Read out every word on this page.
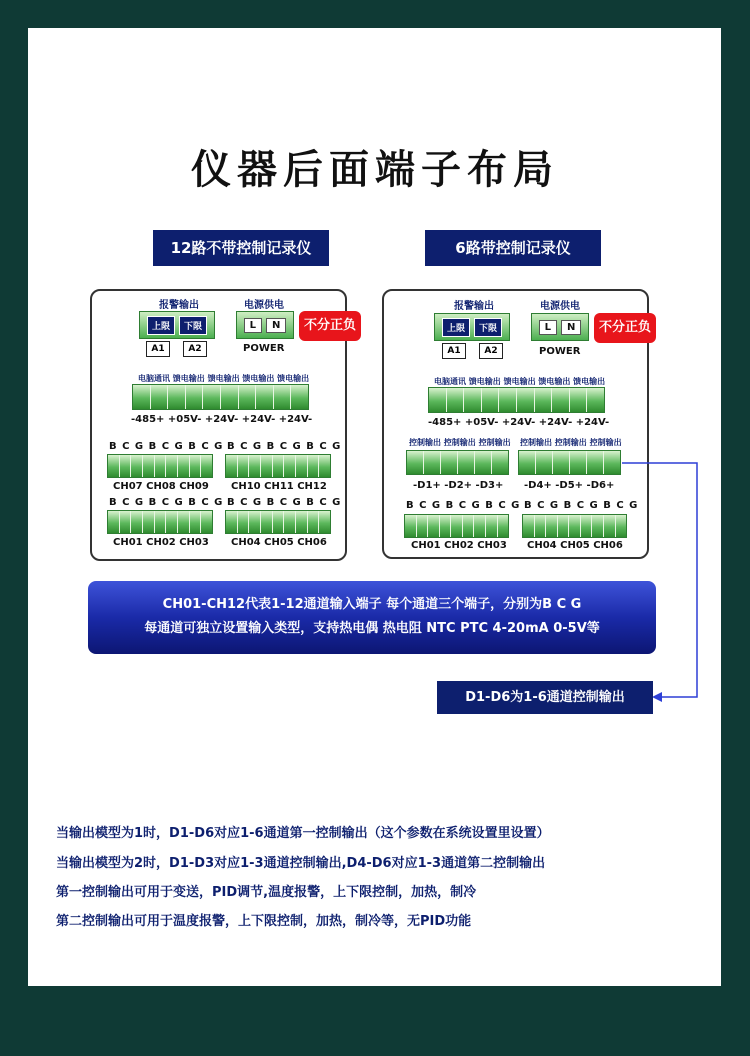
仪器后面端子布局
12路不带控制记录仪
报警输出	电源供电
上限	下限
A1	A2
L	N
POWER
不分正负
电脑通讯 馈电输出 馈电输出 馈电输出 馈电输出
-485+ +05V- +24V- +24V- +24V-
B C G B C G B C G B C G B C G B C G
CH07 CH08 CH09 CH10 CH11 CH12
B C G B C G B C G B C G B C G B C G
CH01 CH02 CH03 CH04 CH05 CH06
6路带控制记录仪
报警输出	电源供电
上限	下限
A1	A2
L	N
POWER
不分正负
电脑通讯 馈电输出 馈电输出 馈电输出 馈电输出
-485+ +05V- +24V- +24V- +24V-
控制输出 控制输出 控制输出 控制输出 控制输出 控制输出
-D1+ -D2+ -D3+ -D4+ -D5+ -D6+
B C G B C G B C G B C G B C G B C G
CH01 CH02 CH03 CH04 CH05 CH06
CH01-CH12代表1-12通道输入端子 每个通道三个端子，分别为B C G
每通道可独立设置输入类型，支持热电偶 热电阻 NTC PTC 4-20mA 0-5V等
D1-D6为1-6通道控制输出
当输出模型为1时，D1-D6对应1-6通道第一控制输出（这个参数在系统设置里设置）
当输出模型为2时，D1-D3对应1-3通道控制输出,D4-D6对应1-3通道第二控制输出
第一控制输出可用于变送，PID调节,温度报警，上下限控制，加热，制冷
第二控制输出可用于温度报警，上下限控制，加热，制冷等，无PID功能
